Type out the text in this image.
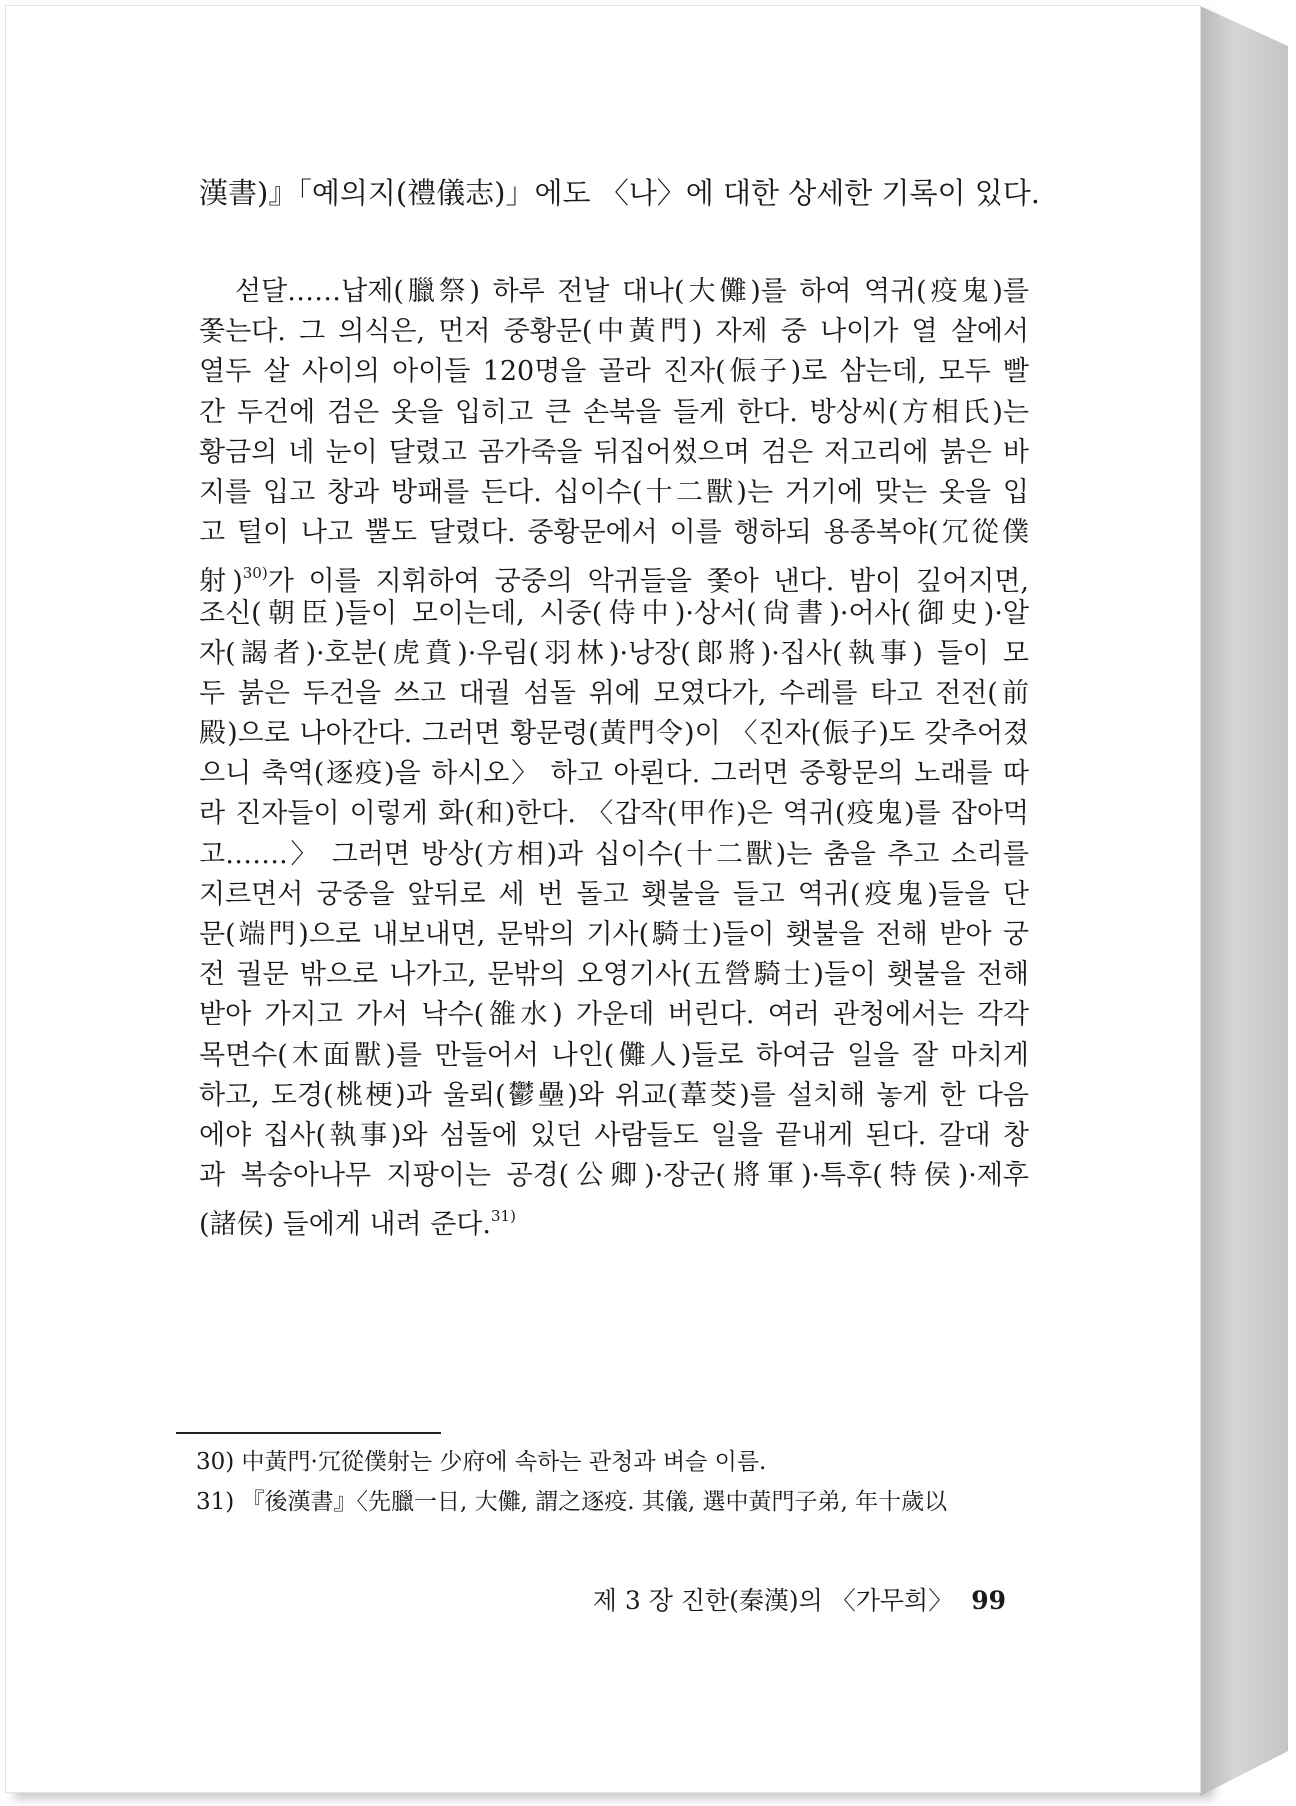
漢書)』「예의지(禮儀志)」에도 〈나〉에 대한 상세한 기록이 있다.
섣달……납제(臘祭) 하루 전날 대나(大儺)를 하여 역귀(疫鬼)를
쫓는다. 그 의식은, 먼저 중황문(中黃門) 자제 중 나이가 열 살에서
열두 살 사이의 아이들 120명을 골라 진자(侲子)로 삼는데, 모두 빨
간 두건에 검은 옷을 입히고 큰 손북을 들게 한다. 방상씨(方相氏)는
황금의 네 눈이 달렸고 곰가죽을 뒤집어썼으며 검은 저고리에 붉은 바
지를 입고 창과 방패를 든다. 십이수(十二獸)는 거기에 맞는 옷을 입
고 털이 나고 뿔도 달렸다. 중황문에서 이를 행하되 용종복야(冗從僕
射)$^{30)}$가 이를 지휘하여 궁중의 악귀들을 쫓아 낸다. 밤이 깊어지면,
조신(朝臣)들이 모이는데, 시중(侍中)·상서(尙書)·어사(御史)·알
자(謁者)·호분(虎賁)·우림(羽林)·낭장(郞將)·집사(執事) 들이 모
두 붉은 두건을 쓰고 대궐 섬돌 위에 모였다가, 수레를 타고 전전(前
殿)으로 나아간다. 그러면 황문령(黃門令)이 〈진자(侲子)도 갖추어졌
으니 축역(逐疫)을 하시오〉 하고 아뢴다. 그러면 중황문의 노래를 따
라 진자들이 이렇게 화(和)한다. 〈갑작(甲作)은 역귀(疫鬼)를 잡아먹
고…….〉 그러면 방상(方相)과 십이수(十二獸)는 춤을 추고 소리를
지르면서 궁중을 앞뒤로 세 번 돌고 횃불을 들고 역귀(疫鬼)들을 단
문(端門)으로 내보내면, 문밖의 기사(騎士)들이 횃불을 전해 받아 궁
전 궐문 밖으로 나가고, 문밖의 오영기사(五營騎士)들이 횃불을 전해
받아 가지고 가서 낙수(雒水) 가운데 버린다. 여러 관청에서는 각각
목면수(木面獸)를 만들어서 나인(儺人)들로 하여금 일을 잘 마치게
하고, 도경(桃梗)과 울뢰(鬱壘)와 위교(葦茭)를 설치해 놓게 한 다음
에야 집사(執事)와 섬돌에 있던 사람들도 일을 끝내게 된다. 갈대 창
과 복숭아나무 지팡이는 공경(公卿)·장군(將軍)·특후(特侯)·제후
(諸侯) 들에게 내려 준다.$^{31)}$
30) 中黃門·冗從僕射는 少府에 속하는 관청과 벼슬 이름.
31) 『後漢書』〈先臘一日, 大儺, 謂之逐疫. 其儀, 選中黃門子弟, 年十歲以
제 3 장 진한(秦漢)의 〈가무희〉 99
